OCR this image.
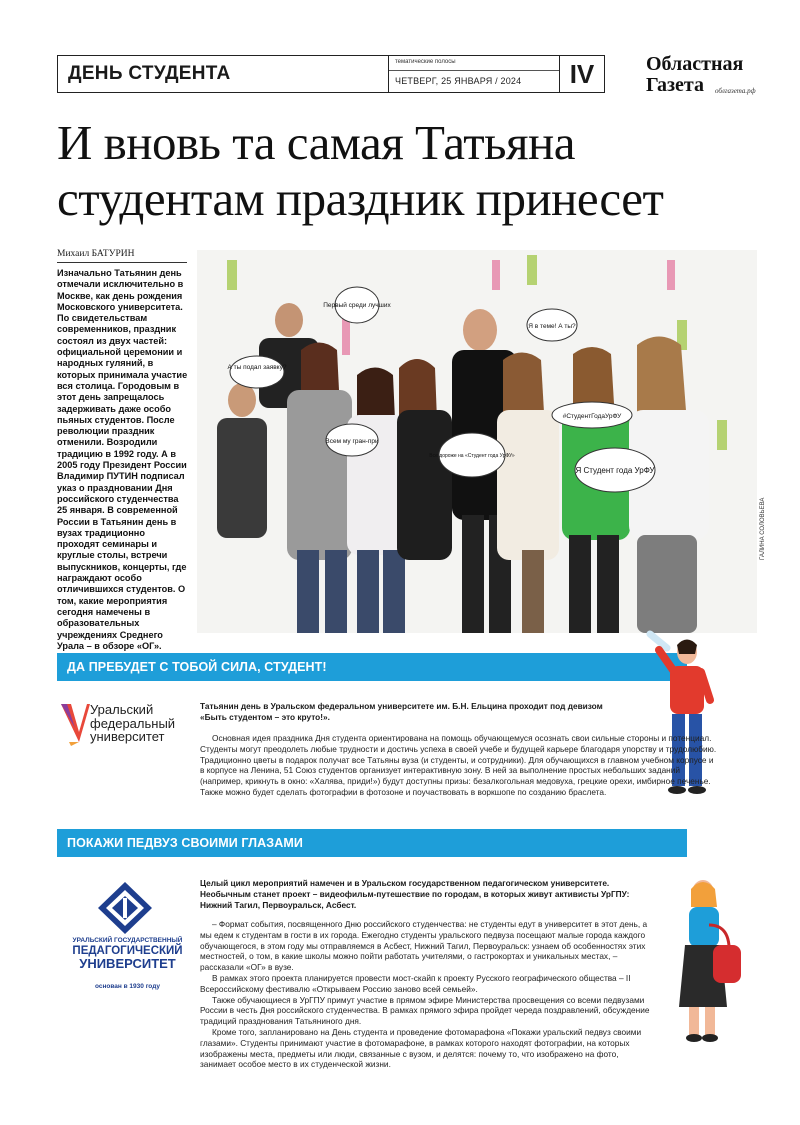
ДЕНЬ СТУДЕНТА
тематические полосы
ЧЕТВЕРГ, 25 ЯНВАРЯ / 2024	IV	Областная
Газета	облгазета.рф
И вновь та самая Татьяна
студентам праздник принесет
Михаил БАТУРИН
Изначально Татьянин день отмечали исключительно в Москве, как день рождения Московского университета. По свидетельствам современников, праздник состоял из двух частей: официальной церемонии и народных гуляний, в которых принимала участие вся столица. Городовым в этот день запрещалось задерживать даже особо пьяных студентов. После революции праздник отменили. Возродили традицию в 1992 году. А в 2005 году Президент России Владимир ПУТИН подписал указ о праздновании Дня российского студенчества 25 января. В современной России в Татьянин день в вузах традиционно проходят семинары и круглые столы, встречи выпускников, концерты, где награждают особо отличившихся студентов. О том, какие мероприятия сегодня намечены в образовательных учреждениях Среднего Урала – в обзоре «ОГ».
А ты подал заявку?
Первый среди лучших
Всем му гран-при
Все дороже на «Студент года УрФУ»
Я в теме! А ты?
#СтудентГодаУрФУ
Я Студент года УрФУ
ГАЛИНА СОЛОВЬЕВА
ДА ПРЕБУДЕТ С ТОБОЙ СИЛА, СТУДЕНТ!
Уральский
федеральный
университет
Татьянин день в Уральском федеральном университете им. Б.Н. Ельцина проходит под девизом
«Быть студентом – это круто!».
Основная идея праздника Дня студента ориентирована на помощь обучающемуся осознать свои сильные стороны и потенциал. Студенты могут преодолеть любые трудности и достичь успеха в своей учебе и будущей карьере благодаря упорству и трудолюбию. Традиционно цветы в подарок получат все Татьяны вуза (и студенты, и сотрудники). Для обучающихся в главном учебном корпусе и в корпусе на Ленина, 51 Союз студентов организует интерактивную зону. В ней за выполнение простых небольших заданий (например, крикнуть в окно: «Халява, приди!») будут доступны призы: безалкогольная медовуха, грецкие орехи, имбирное печенье. Также можно будет сделать фотографии в фотозоне и поучаствовать в воркшопе по созданию браслета.
ПОКАЖИ ПЕДВУЗ СВОИМИ ГЛАЗАМИ
УРАЛЬСКИЙ ГОСУДАРСТВЕННЫЙ
ПЕДАГОГИЧЕСКИЙ
УНИВЕРСИТЕТ
основан в 1930 году
Целый цикл мероприятий намечен и в Уральском государственном педагогическом университете. Необычным станет проект – видеофильм-путешествие по городам, в которых живут активисты УрГПУ: Нижний Тагил, Первоуральск, Асбест.

– Формат события, посвященного Дню российского студенчества: не студенты едут в университет в этот день, а мы едем к студентам в гости в их города. Ежегодно студенты уральского педвуза посещают малые города каждого обучающегося, в этом году мы отправляемся в Асбест, Нижний Тагил, Первоуральск: узнаем об особенностях этих местностей, о том, в какие школы можно пойти работать учителями, о гастрокортах и уникальных местах, – рассказали «ОГ» в вузе.

В рамках этого проекта планируется провести мост-скайп к проекту Русского географического общества – II Всероссийскому фестивалю «Открываем Россию заново всей семьей».

Также обучающиеся в УрГПУ примут участие в прямом эфире Министерства просвещения со всеми педвузами России в честь Дня российского студенчества. В рамках прямого эфира пройдет череда поздравлений, обсуждение традиций празднования Татьяниного дня.

Кроме того, запланировано на День студента и проведение фотомарафона «Покажи уральский педвуз своими глазами». Студенты принимают участие в фотомарафоне, в рамках которого находят фотографии, на которых изображены места, предметы или люди, связанные с вузом, и делятся: почему то, что изображено на фото, занимает особое место в их студенческой жизни.
